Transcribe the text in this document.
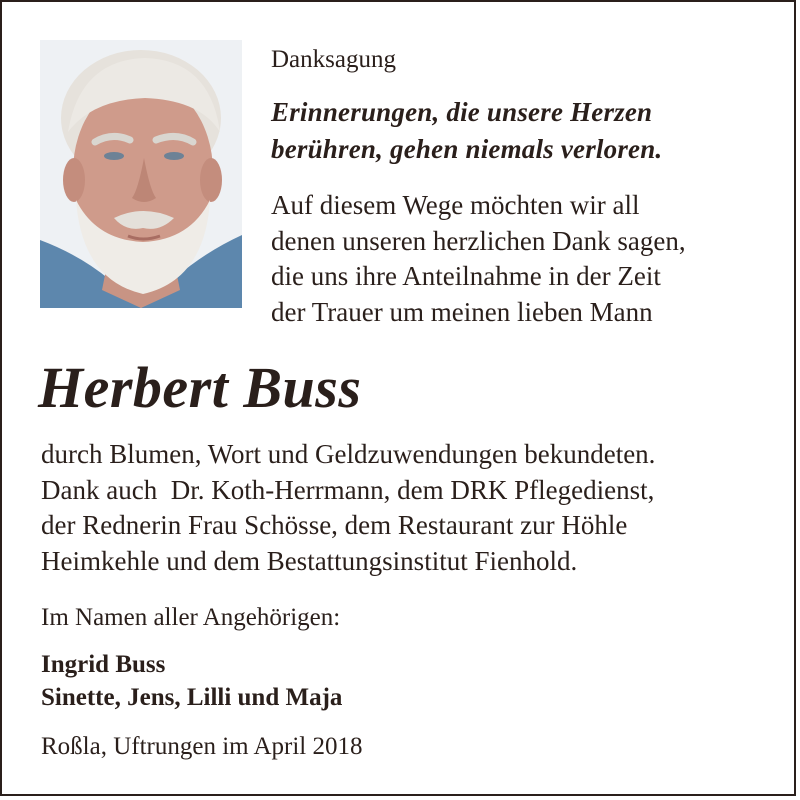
Danksagung
Erinnerungen, die unsere Herzen
berühren, gehen niemals verloren.
Auf diesem Wege möchten wir all
denen unseren herzlichen Dank sagen,
die uns ihre Anteilnahme in der Zeit
der Trauer um meinen lieben Mann
Herbert Buss
durch Blumen, Wort und Geldzuwendungen bekundeten.
Dank auch  Dr. Koth-Herrmann, dem DRK Pflegedienst,
der Rednerin Frau Schösse, dem Restaurant zur Höhle
Heimkehle und dem Bestattungsinstitut Fienhold.
Im Namen aller Angehörigen:
Ingrid Buss
Sinette, Jens, Lilli und Maja
Roßla, Uftrungen im April 2018
